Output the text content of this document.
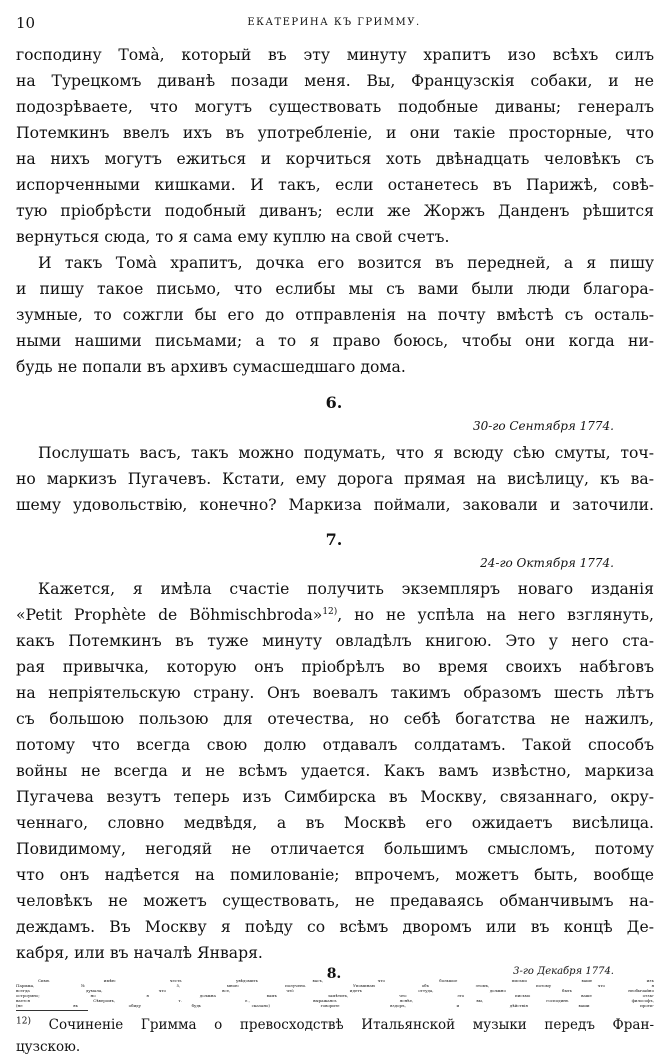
10	ЕКАТЕРИНА КЪ ГРИММУ.
господину Томà, который въ эту минуту храпитъ изо всѣхъ силъ
на Турецкомъ диванѣ позади меня. Вы, Французскія собаки, и не
подозрѣваете, что могутъ существовать подобные диваны; генералъ
Потемкинъ ввелъ ихъ въ употребленіе, и они такіе просторные, что
на нихъ могутъ ежиться и корчиться хоть двѣнадцать человѣкъ съ
испорченными кишками. И такъ, если останетесь въ Парижѣ, совѣ-
тую пріобрѣсти подобный диванъ; если же Жоржъ Данденъ рѣшится
вернуться сюда, то я сама ему куплю на свой счетъ.
И такъ Томà храпитъ, дочка его возится въ передней, а я пишу
и пишу такое письмо, что еслибы мы съ вами были люди благора-
зумные, то сожгли бы его до отправленія на почту вмѣстѣ съ осталь-
ными нашими письмами; а то я право боюсь, чтобы они когда ни-
будь не попали въ архивъ сумасшедшаго дома.
6.
30-го Сентября 1774.
Послушать васъ, такъ можно подумать, что я всюду сѣю смуты, точ-
но маркизъ Пугачевъ. Кстати, ему дорога прямая на висѣлицу, къ ва-
шему удовольствію, конечно? Маркиза поймали, заковали и заточили.
7.
24-го Октября 1774.
Кажется, я имѣла счастіе получить экземпляръ новаго изданія
«Petit Prophète de Böhmischbroda»$^{12)}$, но не успѣла на него взглянуть,
какъ Потемкинъ въ туже минуту овладѣлъ книгою. Это у него ста-
рая привычка, которую онъ пріобрѣлъ во время своихъ набѣговъ
на непріятельскую страну. Онъ воевалъ такимъ образомъ шесть лѣтъ
съ большою пользою для отечества, но себѣ богатства не нажилъ,
потому что всегда свою долю отдавалъ солдатамъ. Такой способъ
войны не всегда и не всѣмъ удается. Какъ вамъ извѣстно, маркиза
Пугачева везутъ теперь изъ Симбирска въ Москву, связаннаго, окру-
ченнаго, словно медвѣдя, а въ Москвѣ его ожидаетъ висѣлица.
Повидимому, негодяй не отличается большимъ смысломъ, потому
что онъ надѣется на помилованіе; впрочемъ, можетъ быть, вообще
человѣкъ не можетъ существовать, не предаваясь обманчивымъ на-
деждамъ. Въ Москву я поѣду со всѣмъ дворомъ или въ концѣ Де-
кабря, или въ началѣ Января.
8.	3-го Декабря 1774.
Симъ имѣю честь увѣдомить васъ, что большое письмо ваше изъ
Парижа, № 5, мною получено. Упоминаю объ этомъ, потому что я
всегда думала, что все, чтò идетъ оттуда, должно быть необычайно
остроумно; но я должна вамъ замѣтить, что это письмо ваше отзы-
вается Сѣверомъ, т. е., выражаясь яснѣе, вы, господинъ философъ,
(не въ обиду будь сказано) говорите вздоръ, и дѣйствія ваши проти-
$^{12)}$ Сочиненіе Гримма о превосходствѣ Итальянской музыки передъ Фран-
цузскою.
